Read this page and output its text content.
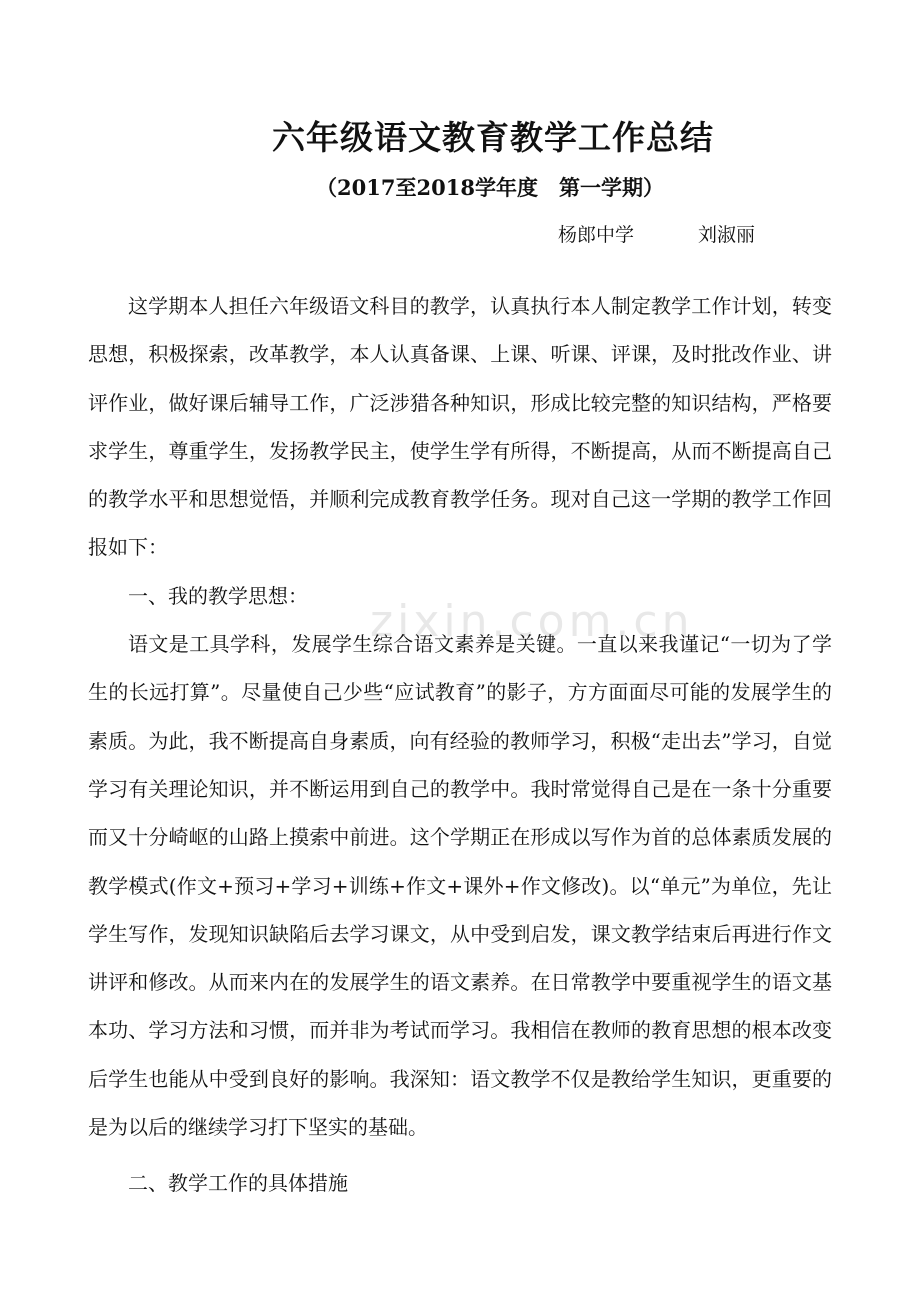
zixin.com.cn
六年级语文教育教学工作总结
（2017至2018学年度　第一学期）
杨郎中学	刘淑丽

这学期本人担任六年级语文科目的教学，认真执行本人制定教学工作计划，转变思想，积极探索，改革教学，本人认真备课、上课、听课、评课，及时批改作业、讲评作业，做好课后辅导工作，广泛涉猎各种知识，形成比较完整的知识结构，严格要求学生，尊重学生，发扬教学民主，使学生学有所得，不断提高，从而不断提高自己的教学水平和思想觉悟，并顺利完成教育教学任务。现对自己这一学期的教学工作回报如下：

一、我的教学思想：

语文是工具学科，发展学生综合语文素养是关键。一直以来我谨记“一切为了学生的长远打算”。尽量使自己少些“应试教育”的影子，方方面面尽可能的发展学生的素质。为此，我不断提高自身素质，向有经验的教师学习，积极“走出去”学习，自觉学习有关理论知识，并不断运用到自己的教学中。我时常觉得自己是在一条十分重要而又十分崎岖的山路上摸索中前进。这个学期正在形成以写作为首的总体素质发展的教学模式(作文+预习+学习+训练+作文+课外+作文修改)。以“单元”为单位，先让学生写作，发现知识缺陷后去学习课文，从中受到启发，课文教学结束后再进行作文讲评和修改。从而来内在的发展学生的语文素养。在日常教学中要重视学生的语文基本功、学习方法和习惯，而并非为考试而学习。我相信在教师的教育思想的根本改变后学生也能从中受到良好的影响。我深知：语文教学不仅是教给学生知识，更重要的是为以后的继续学习打下坚实的基础。

二、教学工作的具体措施
